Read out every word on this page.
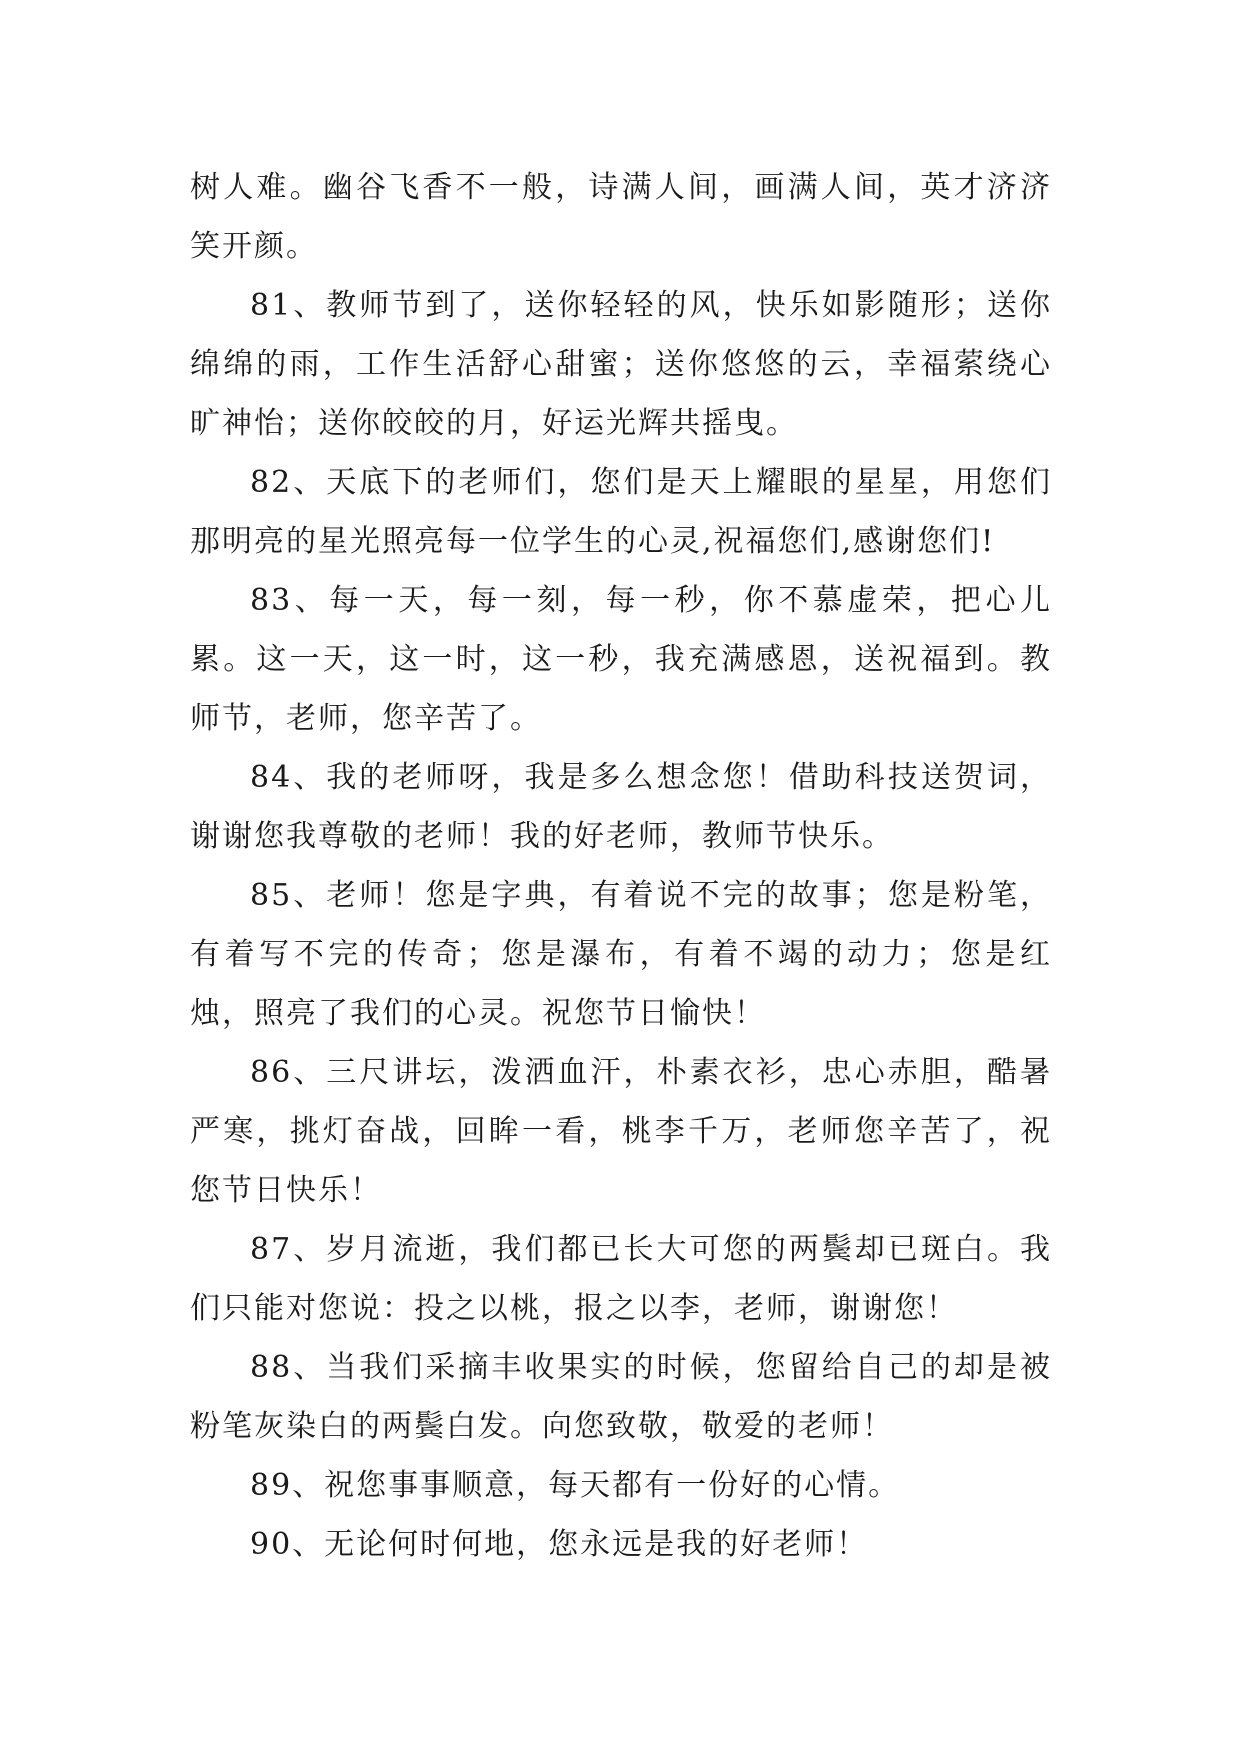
树人难。幽谷飞香不一般，诗满人间，画满人间，英才济济笑开颜。

81、教师节到了，送你轻轻的风，快乐如影随形；送你绵绵的雨，工作生活舒心甜蜜；送你悠悠的云，幸福萦绕心旷神怡；送你皎皎的月，好运光辉共摇曳。

82、天底下的老师们，您们是天上耀眼的星星，用您们那明亮的星光照亮每一位学生的心灵,祝福您们,感谢您们!

83、每一天，每一刻，每一秒，你不慕虚荣，把心儿累。这一天，这一时，这一秒，我充满感恩，送祝福到。教师节，老师，您辛苦了。

84、我的老师呀，我是多么想念您！借助科技送贺词，谢谢您我尊敬的老师！我的好老师，教师节快乐。

85、老师！您是字典，有着说不完的故事；您是粉笔，有着写不完的传奇；您是瀑布，有着不竭的动力；您是红烛，照亮了我们的心灵。祝您节日愉快！

86、三尺讲坛，泼洒血汗，朴素衣衫，忠心赤胆，酷暑严寒，挑灯奋战，回眸一看，桃李千万，老师您辛苦了，祝您节日快乐！

87、岁月流逝，我们都已长大可您的两鬓却已斑白。我们只能对您说：投之以桃，报之以李，老师，谢谢您！

88、当我们采摘丰收果实的时候，您留给自己的却是被粉笔灰染白的两鬓白发。向您致敬，敬爱的老师！

89、祝您事事顺意，每天都有一份好的心情。

90、无论何时何地，您永远是我的好老师！
